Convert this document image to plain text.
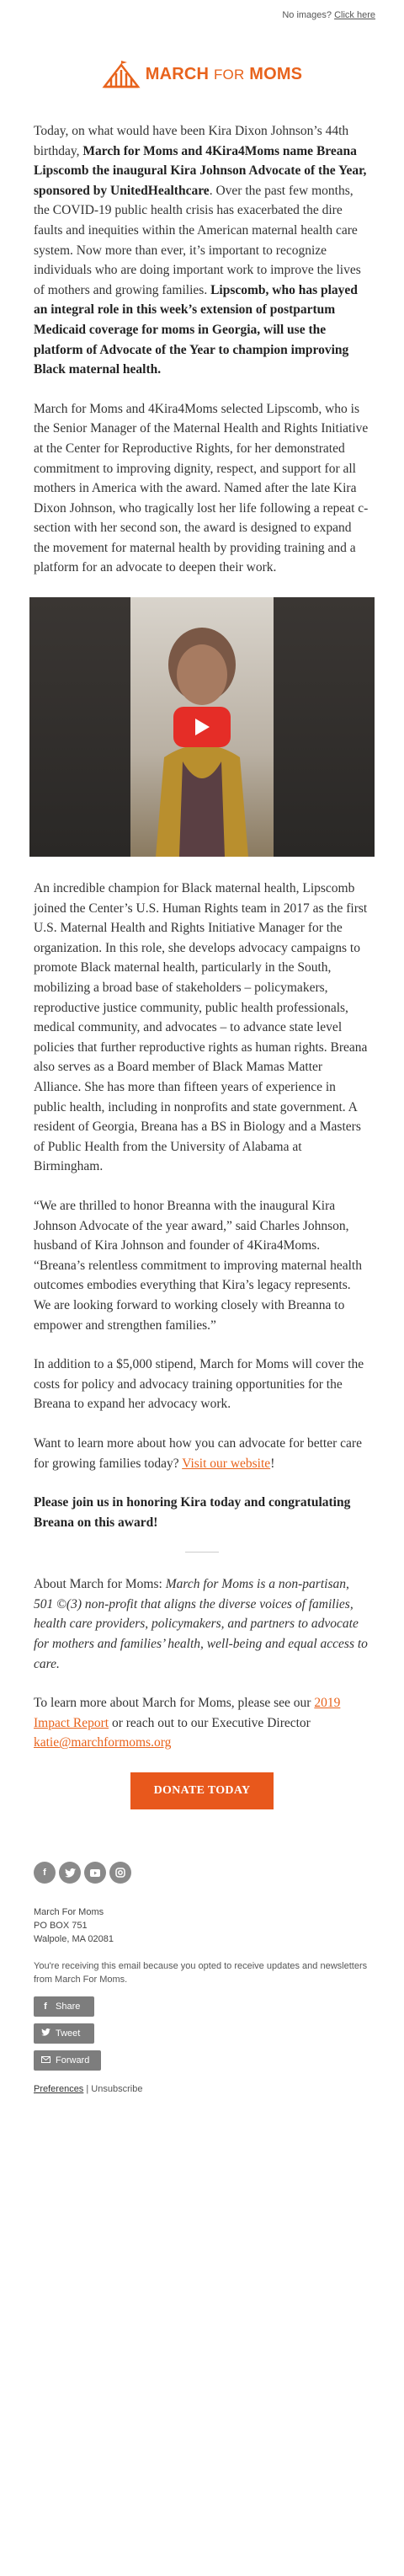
No images? Click here
MARCH FOR MOMS

Today, on what would have been Kira Dixon Johnson’s 44th birthday, March for Moms and 4Kira4Moms name Breana Lipscomb the inaugural Kira Johnson Advocate of the Year, sponsored by UnitedHealthcare. Over the past few months, the COVID-19 public health crisis has exacerbated the dire faults and inequities within the American maternal health care system. Now more than ever, it’s important to recognize individuals who are doing important work to improve the lives of mothers and growing families. Lipscomb, who has played an integral role in this week’s extension of postpartum Medicaid coverage for moms in Georgia, will use the platform of Advocate of the Year to champion improving Black maternal health.

March for Moms and 4Kira4Moms selected Lipscomb, who is the Senior Manager of the Maternal Health and Rights Initiative at the Center for Reproductive Rights, for her demonstrated commitment to improving dignity, respect, and support for all mothers in America with the award. Named after the late Kira Dixon Johnson, who tragically lost her life following a repeat c-section with her second son, the award is designed to expand the movement for maternal health by providing training and a platform for an advocate to deepen their work.

An incredible champion for Black maternal health, Lipscomb joined the Center’s U.S. Human Rights team in 2017 as the first U.S. Maternal Health and Rights Initiative Manager for the organization. In this role, she develops advocacy campaigns to promote Black maternal health, particularly in the South, mobilizing a broad base of stakeholders – policymakers, reproductive justice community, public health professionals, medical community, and advocates – to advance state level policies that further reproductive rights as human rights. Breana also serves as a Board member of Black Mamas Matter Alliance. She has more than fifteen years of experience in public health, including in nonprofits and state government. A resident of Georgia, Breana has a BS in Biology and a Masters of Public Health from the University of Alabama at Birmingham.

“We are thrilled to honor Breanna with the inaugural Kira Johnson Advocate of the year award,” said Charles Johnson, husband of Kira Johnson and founder of 4Kira4Moms. “Breana’s relentless commitment to improving maternal health outcomes embodies everything that Kira’s legacy represents. We are looking forward to working closely with Breanna to empower and strengthen families.”

In addition to a $5,000 stipend, March for Moms will cover the costs for policy and advocacy training opportunities for the Breana to expand her advocacy work.

Want to learn more about how you can advocate for better care for growing families today? Visit our website!

Please join us in honoring Kira today and congratulating Breana on this award!

About March for Moms: March for Moms is a non-partisan, 501 ©(3) non-profit that aligns the diverse voices of families, health care providers, policymakers, and partners to advocate for mothers and families’ health, well-being and equal access to care.

To learn more about March for Moms, please see our 2019 Impact Report or reach out to our Executive Director katie@marchformoms.org

DONATE TODAY
f
March For Moms
PO BOX 751
Walpole, MA 02081

You're receiving this email because you opted to receive updates and newsletters from March For Moms.

f Share
Tweet
Forward
Preferences | Unsubscribe
